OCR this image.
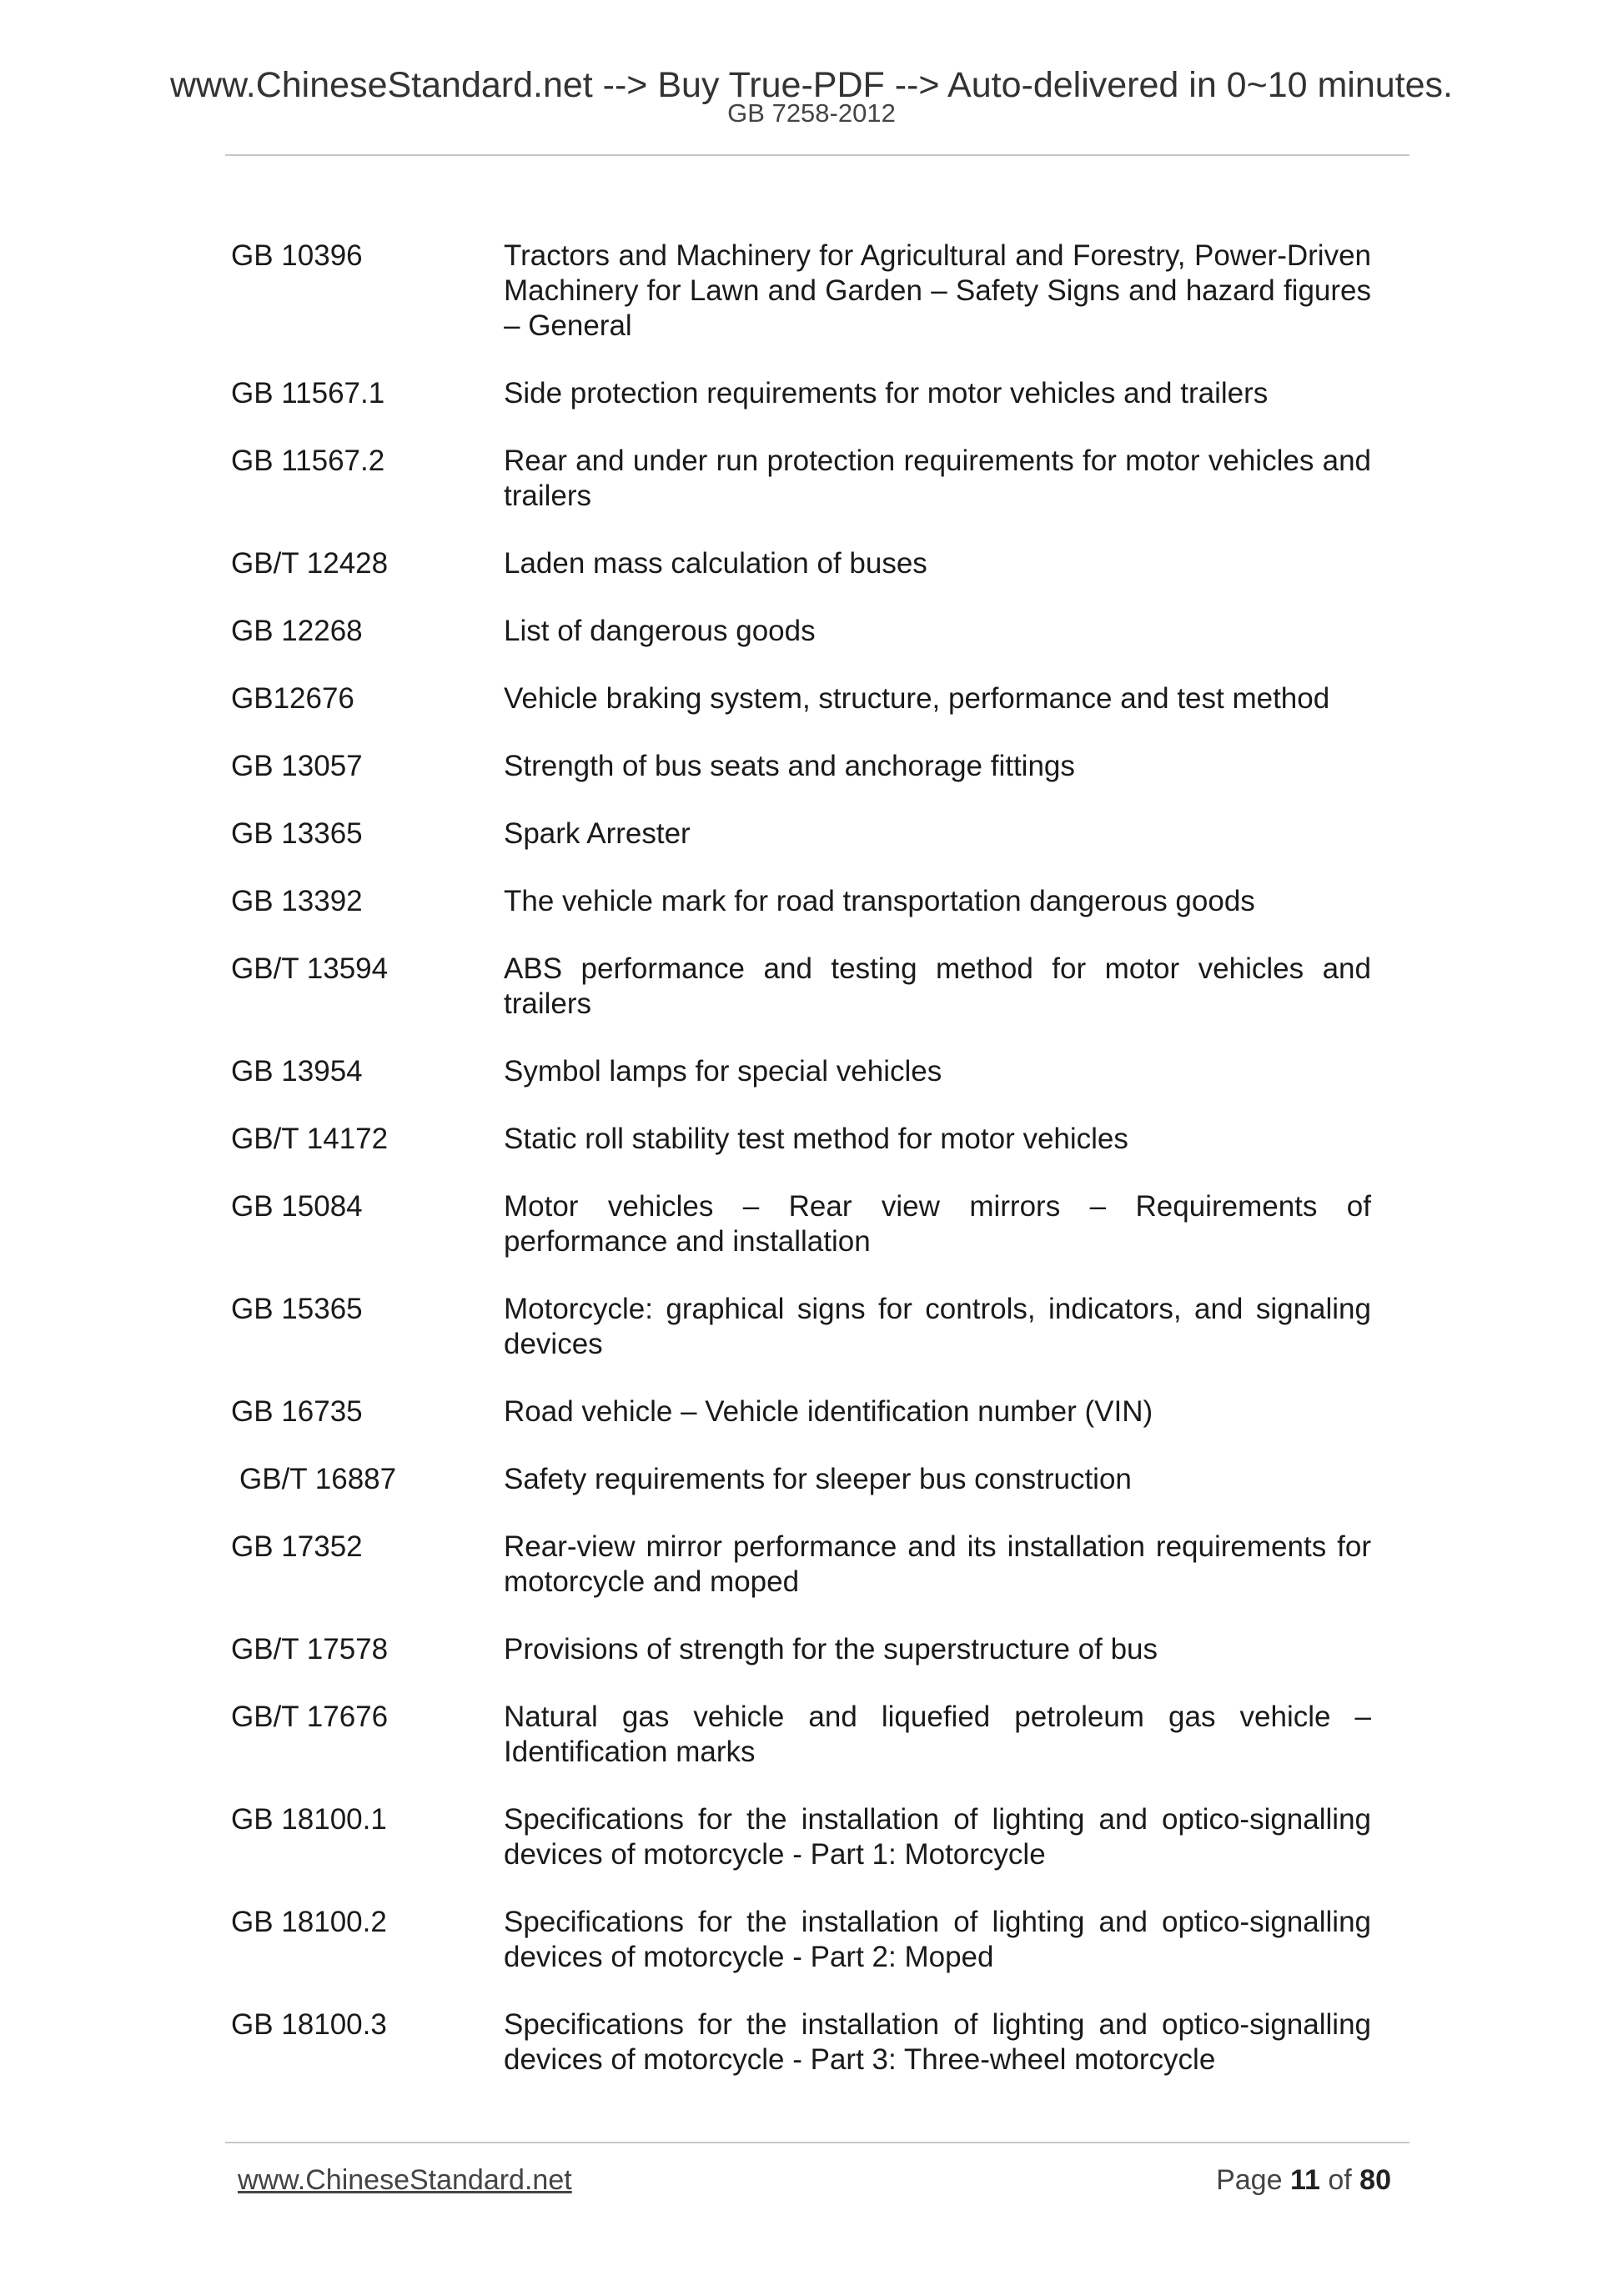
www.ChineseStandard.net --> Buy True-PDF --> Auto-delivered in 0~10 minutes.
GB 7258-2012
GB 10396	Tractors and Machinery for Agricultural and Forestry, Power-Driven Machinery for Lawn and Garden – Safety Signs and hazard figures – General
GB 11567.1	Side protection requirements for motor vehicles and trailers
GB 11567.2	Rear and under run protection requirements for motor vehicles and trailers
GB/T 12428	Laden mass calculation of buses
GB 12268	List of dangerous goods
GB12676	Vehicle braking system, structure, performance and test method
GB 13057	Strength of bus seats and anchorage fittings
GB 13365	Spark Arrester
GB 13392	The vehicle mark for road transportation dangerous goods
GB/T 13594	ABS performance and testing method for motor vehicles and trailers
GB 13954	Symbol lamps for special vehicles
GB/T 14172	Static roll stability test method for motor vehicles
GB 15084	Motor vehicles – Rear view mirrors – Requirements of performance and installation
GB 15365	Motorcycle: graphical signs for controls, indicators, and signaling devices
GB 16735	Road vehicle – Vehicle identification number (VIN)
GB/T 16887	Safety requirements for sleeper bus construction
GB 17352	Rear-view mirror performance and its installation requirements for motorcycle and moped
GB/T 17578	Provisions of strength for the superstructure of bus
GB/T 17676	Natural gas vehicle and liquefied petroleum gas vehicle – Identification marks
GB 18100.1	Specifications for the installation of lighting and optico-signalling devices of motorcycle - Part 1: Motorcycle
GB 18100.2	Specifications for the installation of lighting and optico-signalling devices of motorcycle - Part 2: Moped
GB 18100.3	Specifications for the installation of lighting and optico-signalling devices of motorcycle - Part 3: Three-wheel motorcycle
www.ChineseStandard.net	Page 11 of 80
